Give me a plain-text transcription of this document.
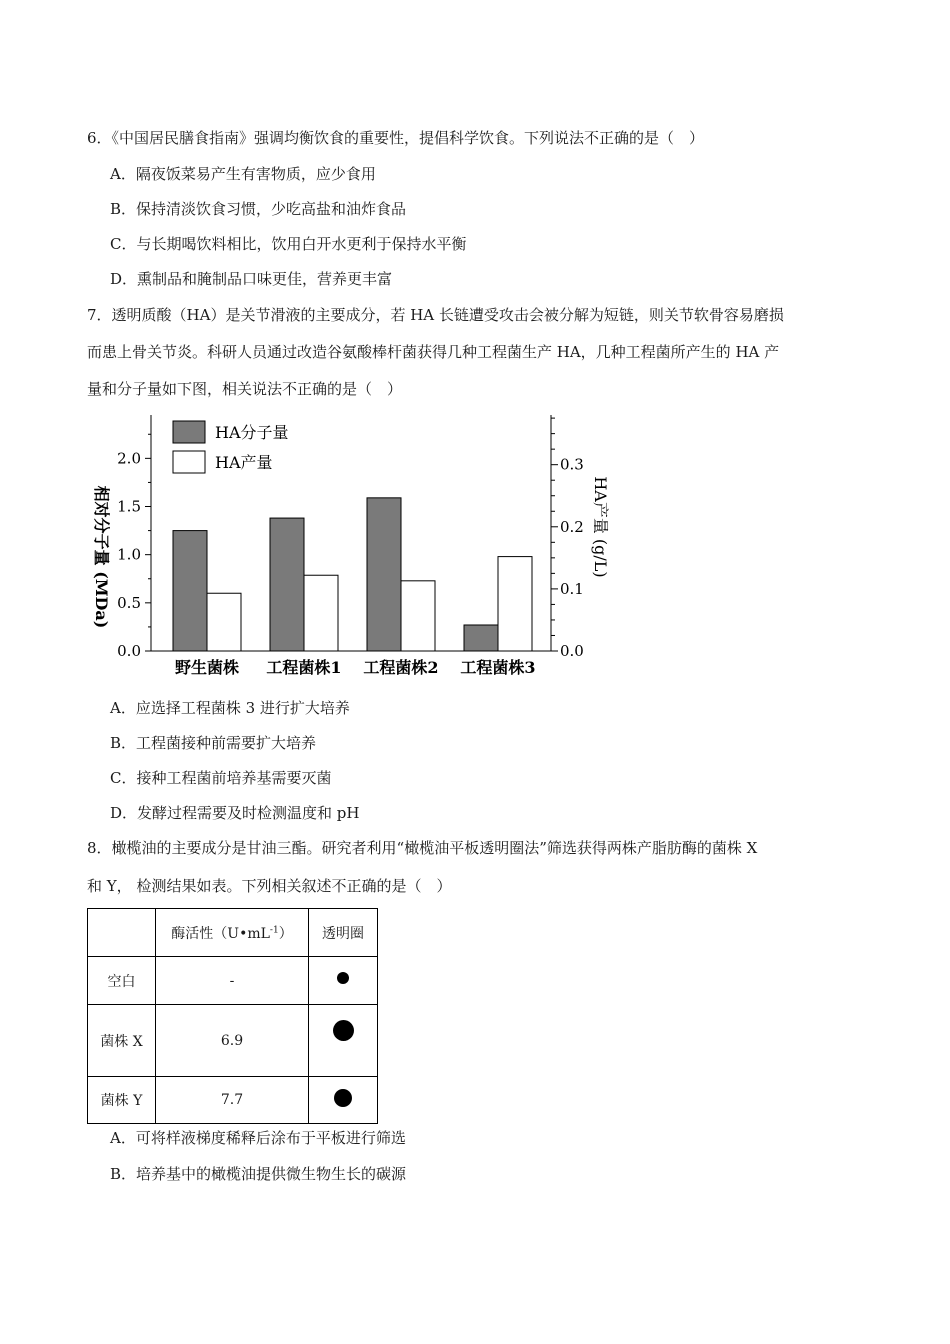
6．《中国居民膳食指南》强调均衡饮食的重要性，提倡科学饮食。下列说法不正确的是（　）
A．隔夜饭菜易产生有害物质，应少食用
B．保持清淡饮食习惯，少吃高盐和油炸食品
C．与长期喝饮料相比，饮用白开水更利于保持水平衡
D．熏制品和腌制品口味更佳，营养更丰富
7．透明质酸（HA）是关节滑液的主要成分，若 HA 长链遭受攻击会被分解为短链，则关节软骨容易磨损
而患上骨关节炎。科研人员通过改造谷氨酸棒杆菌获得几种工程菌生产 HA，几种工程菌所产生的 HA 产
量和分子量如下图，相关说法不正确的是（　）
0.0
0.5
1.0
1.5
2.0
0.0
0.1
0.2
0.3
野生菌株 工程菌株1 工程菌株2 工程菌株3
HA分子量
HA产量
相对分子量 (MDa)	HA产量 (g/L)
A．应选择工程菌株 3 进行扩大培养
B．工程菌接种前需要扩大培养
C．接种工程菌前培养基需要灭菌
D．发酵过程需要及时检测温度和 pH
8．橄榄油的主要成分是甘油三酯。研究者利用“橄榄油平板透明圈法”筛选获得两株产脂肪酶的菌株 X
和 Y， 检测结果如表。下列相关叙述不正确的是（　）
	酶活性$(U•mL^{-1})$	透明圈
空白	-	
菌株 X	6.9	
菌株 Y	7.7	
A．可将样液梯度稀释后涂布于平板进行筛选
B．培养基中的橄榄油提供微生物生长的碳源
